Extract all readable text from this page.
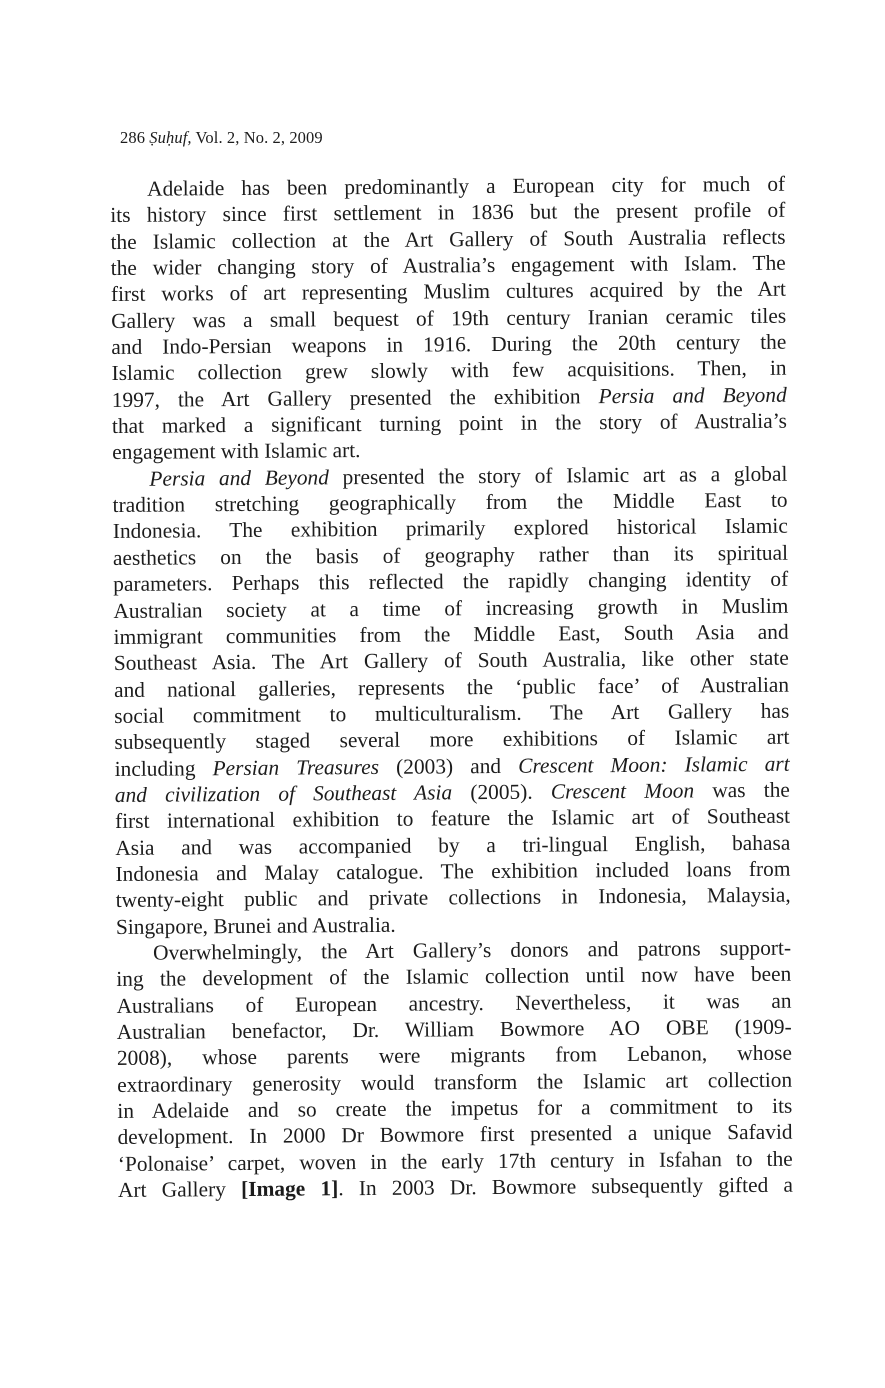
286 Ṣuḥuf, Vol. 2, No. 2, 2009
Adelaide has been predominantly a European city for much of
its history since first settlement in 1836 but the present profile of
the Islamic collection at the Art Gallery of South Australia reflects
the wider changing story of Australia’s engagement with Islam. The
first works of art representing Muslim cultures acquired by the Art
Gallery was a small bequest of 19th century Iranian ceramic tiles
and Indo-Persian weapons in 1916. During the 20th century the
Islamic collection grew slowly with few acquisitions. Then, in
1997, the Art Gallery presented the exhibition Persia and Beyond
that marked a significant turning point in the story of Australia’s
engagement with Islamic art.
Persia and Beyond presented the story of Islamic art as a global
tradition stretching geographically from the Middle East to
Indonesia. The exhibition primarily explored historical Islamic
aesthetics on the basis of geography rather than its spiritual
parameters. Perhaps this reflected the rapidly changing identity of
Australian society at a time of increasing growth in Muslim
immigrant communities from the Middle East, South Asia and
Southeast Asia. The Art Gallery of South Australia, like other state
and national galleries, represents the ‘public face’ of Australian
social commitment to multiculturalism. The Art Gallery has
subsequently staged several more exhibitions of Islamic art
including Persian Treasures (2003) and Crescent Moon: Islamic art
and civilization of Southeast Asia (2005). Crescent Moon was the
first international exhibition to feature the Islamic art of Southeast
Asia and was accompanied by a tri-lingual English, bahasa
Indonesia and Malay catalogue. The exhibition included loans from
twenty-eight public and private collections in Indonesia, Malaysia,
Singapore, Brunei and Australia.
Overwhelmingly, the Art Gallery’s donors and patrons support-
ing the development of the Islamic collection until now have been
Australians of European ancestry. Nevertheless, it was an
Australian benefactor, Dr. William Bowmore AO OBE (1909-
2008), whose parents were migrants from Lebanon, whose
extraordinary generosity would transform the Islamic art collection
in Adelaide and so create the impetus for a commitment to its
development. In 2000 Dr Bowmore first presented a unique Safavid
‘Polonaise’ carpet, woven in the early 17th century in Isfahan to the
Art Gallery [Image 1]. In 2003 Dr. Bowmore subsequently gifted a
